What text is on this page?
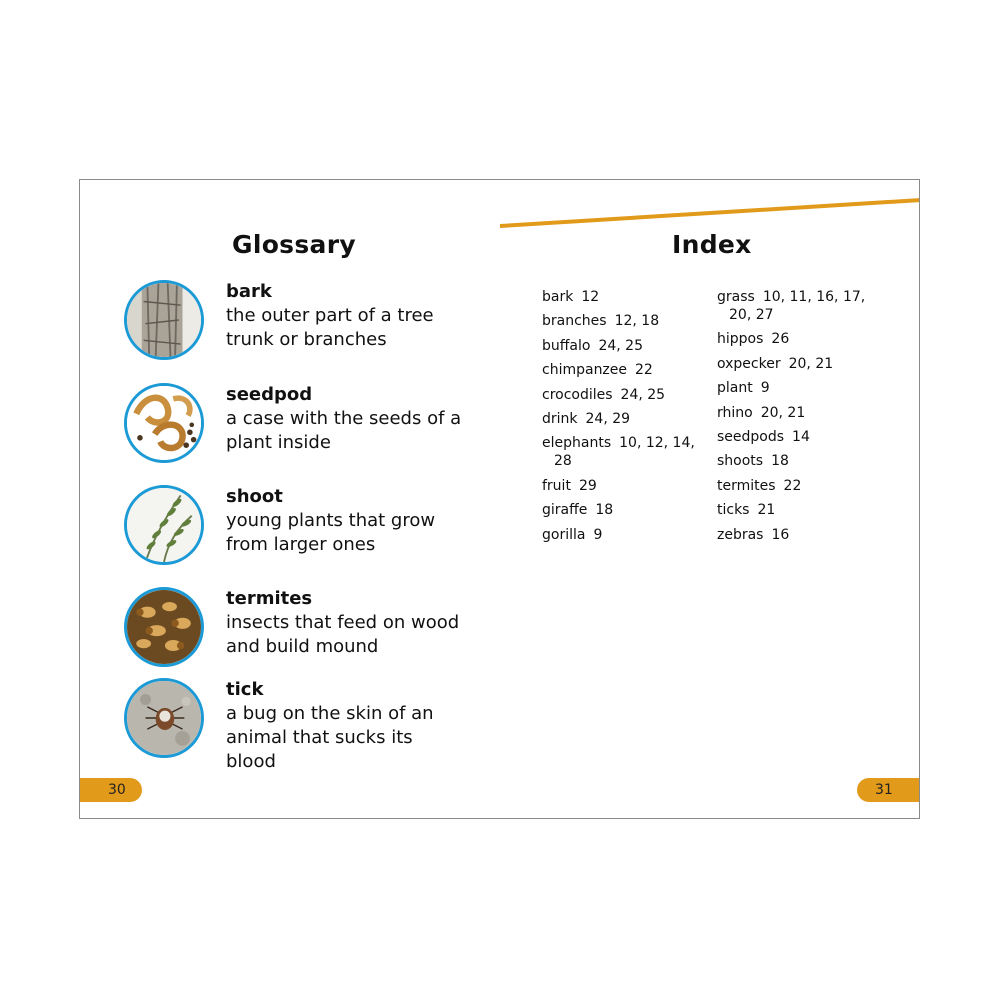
Glossary
bark
the outer part of a tree trunk or branches
seedpod
a case with the seeds of a plant inside
shoot
young plants that grow from larger ones
termites
insects that feed on wood and build mound
tick
a bug on the skin of an animal that sucks its blood
30
Index
bark 12
branches 12, 18
buffalo 24, 25
chimpanzee 22
crocodiles 24, 25
drink 24, 29
elephants 10, 12, 14, 28
fruit 29
giraffe 18
gorilla 9
grass 10, 11, 16, 17, 20, 27
hippos 26
oxpecker 20, 21
plant 9
rhino 20, 21
seedpods 14
shoots 18
termites 22
ticks 21
zebras 16
31
